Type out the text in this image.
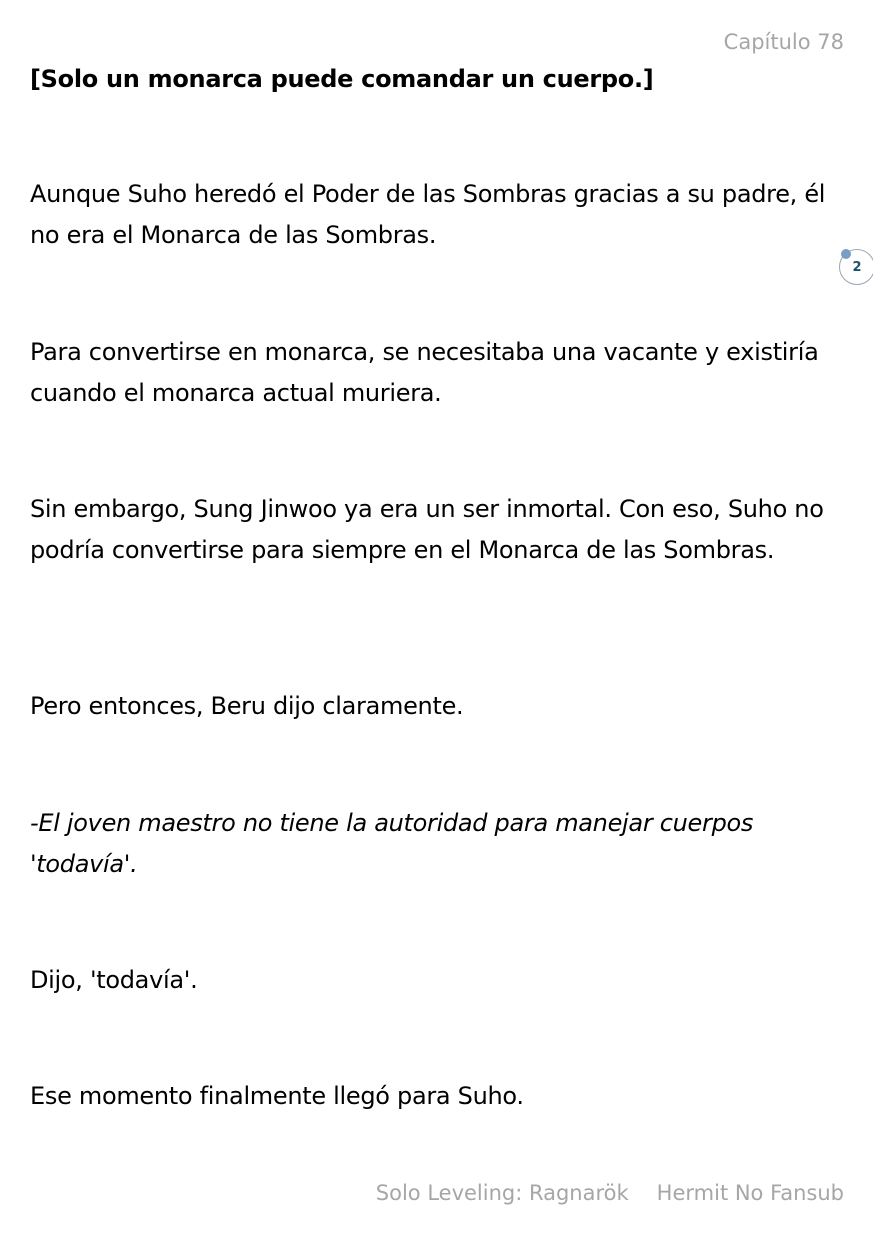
Capítulo 78

[Solo un monarca puede comandar un cuerpo.]

Aunque Suho heredó el Poder de las Sombras gracias a su padre, él no era el Monarca de las Sombras.

Para convertirse en monarca, se necesitaba una vacante y existiría cuando el monarca actual muriera.

Sin embargo, Sung Jinwoo ya era un ser inmortal. Con eso, Suho no podría convertirse para siempre en el Monarca de las Sombras.

Pero entonces, Beru dijo claramente.

-El joven maestro no tiene la autoridad para manejar cuerpos 'todavía'.

Dijo, 'todavía'.

Ese momento finalmente llegó para Suho.

2
Solo Leveling: Ragnarök Hermit No Fansub
